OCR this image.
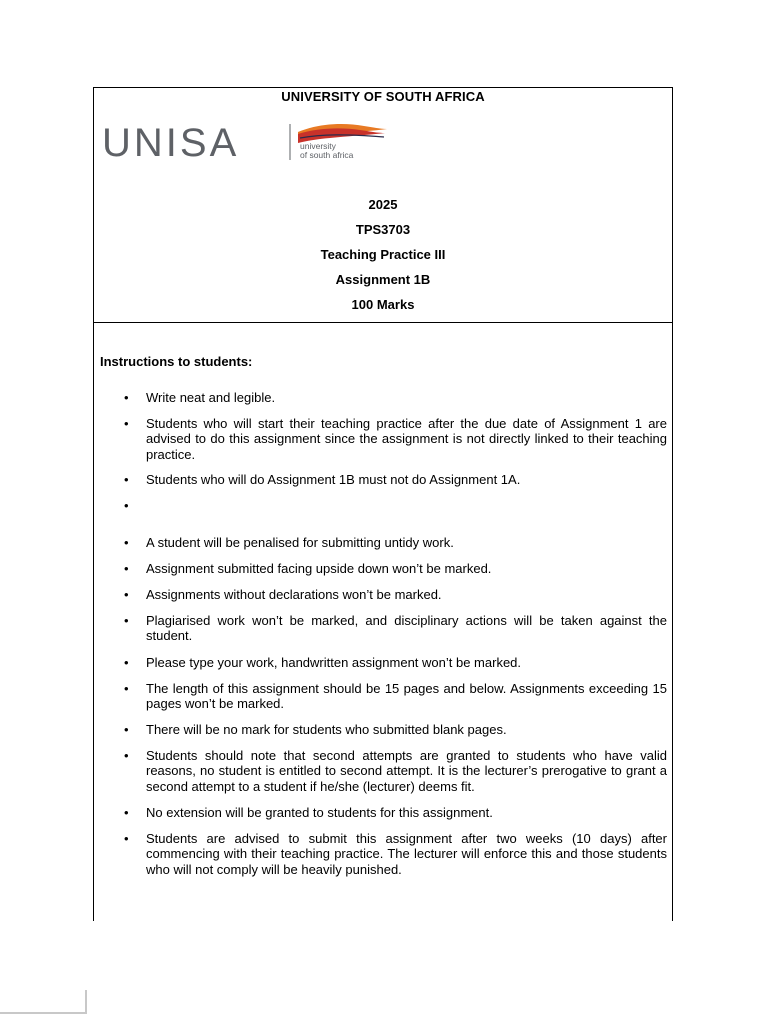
UNIVERSITY OF SOUTH AFRICA
UNISA	university
of south africa
2025
TPS3703
Teaching Practice III
Assignment 1B
100 Marks
Instructions to students:
• Write neat and legible.
• Students who will start their teaching practice after the due date of Assignment 1 are advised to do this assignment since the assignment is not directly linked to their teaching practice.
• Students who will do Assignment 1B must not do Assignment 1A.
•
• A student will be penalised for submitting untidy work.
• Assignment submitted facing upside down won’t be marked.
• Assignments without declarations won’t be marked.
• Plagiarised work won’t be marked, and disciplinary actions will be taken against the student.
• Please type your work, handwritten assignment won’t be marked.
• The length of this assignment should be 15 pages and below. Assignments exceeding 15 pages won’t be marked.
• There will be no mark for students who submitted blank pages.
• Students should note that second attempts are granted to students who have valid reasons, no student is entitled to second attempt. It is the lecturer’s prerogative to grant a second attempt to a student if he/she (lecturer) deems fit.
• No extension will be granted to students for this assignment.
• Students are advised to submit this assignment after two weeks (10 days) after commencing with their teaching practice. The lecturer will enforce this and those students who will not comply will be heavily punished.
